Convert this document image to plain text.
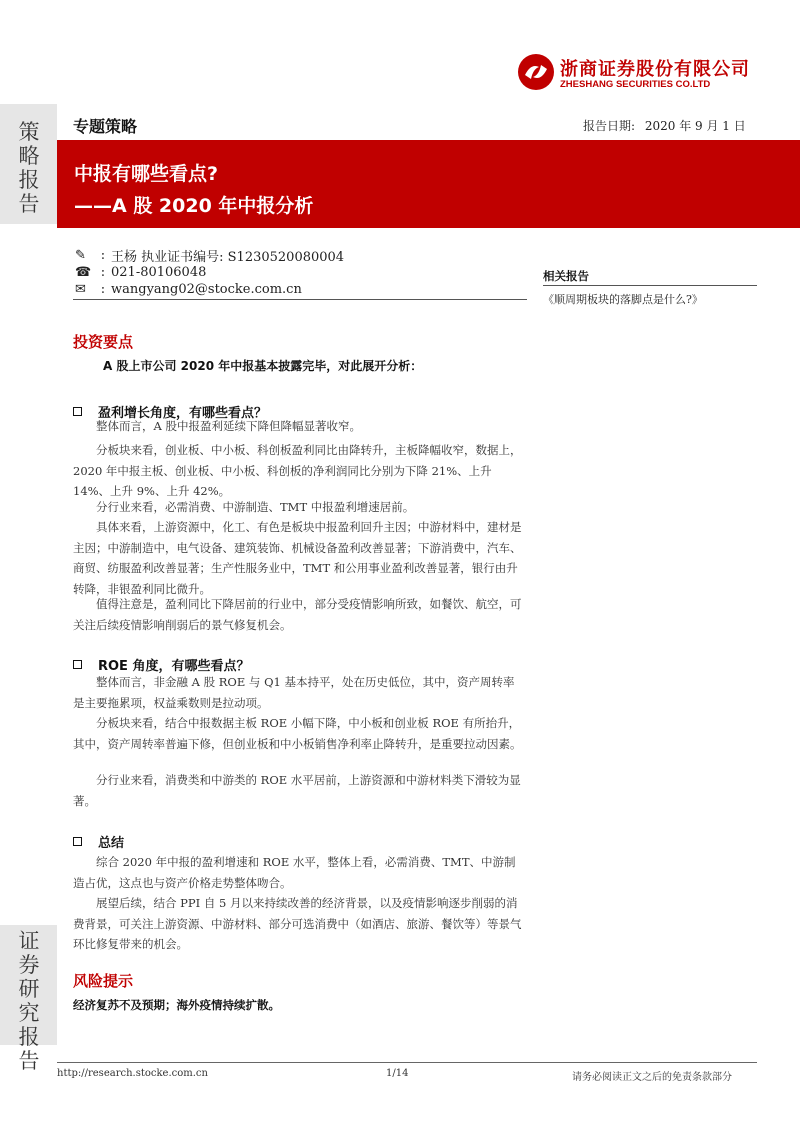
策
略
报
告
证
券
研
究
报
告
浙商证券股份有限公司
ZHESHANG SECURITIES CO.LTD
专题策略	报告日期: 2020 年 9 月 1 日
中报有哪些看点?
——A 股 2020 年中报分析
✎	: 王杨 执业证书编号: S1230520080004
☎ : 021-80106048
✉	: wangyang02@stocke.com.cn
相关报告
《顺周期板块的落脚点是什么?》
投资要点
A 股上市公司 2020 年中报基本披露完毕，对此展开分析：
盈利增长角度，有哪些看点？
整体而言，A 股中报盈利延续下降但降幅显著收窄。
分板块来看，创业板、中小板、科创板盈利同比由降转升，主板降幅收窄，数据上，2020 年中报主板、创业板、中小板、科创板的净利润同比分别为下降 21%、上升 14%、上升 9%、上升 42%。
分行业来看，必需消费、中游制造、TMT 中报盈利增速居前。
具体来看，上游资源中，化工、有色是板块中报盈利回升主因；中游材料中，建材是主因；中游制造中，电气设备、建筑装饰、机械设备盈利改善显著；下游消费中，汽车、商贸、纺服盈利改善显著；生产性服务业中，TMT 和公用事业盈利改善显著，银行由升转降，非银盈利同比微升。
值得注意是，盈利同比下降居前的行业中，部分受疫情影响所致，如餐饮、航空，可关注后续疫情影响削弱后的景气修复机会。
ROE 角度，有哪些看点？
整体而言，非金融 A 股 ROE 与 Q1 基本持平，处在历史低位，其中，资产周转率是主要拖累项，权益乘数则是拉动项。
分板块来看，结合中报数据主板 ROE 小幅下降，中小板和创业板 ROE 有所抬升，其中，资产周转率普遍下修，但创业板和中小板销售净利率止降转升，是重要拉动因素。
分行业来看，消费类和中游类的 ROE 水平居前，上游资源和中游材料类下滑较为显著。
总结
综合 2020 年中报的盈利增速和 ROE 水平，整体上看，必需消费、TMT、中游制造占优，这点也与资产价格走势整体吻合。
展望后续，结合 PPI 自 5 月以来持续改善的经济背景，以及疫情影响逐步削弱的消费背景，可关注上游资源、中游材料、部分可选消费中（如酒店、旅游、餐饮等）等景气环比修复带来的机会。
风险提示
经济复苏不及预期；海外疫情持续扩散。
http://research.stocke.com.cn	1/14	请务必阅读正文之后的免责条款部分
